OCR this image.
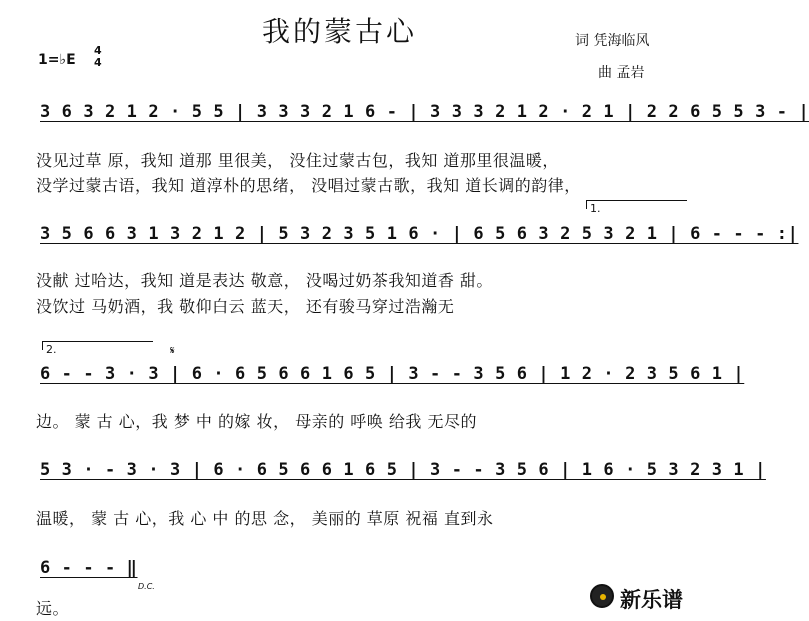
我的蒙古心	词 凭海临风
曲 孟岩
1=♭E
4
4
3 6 3 2 1 2 · 5 5 | 3 3 3 2 1 6 - | 3 3 3 2 1 2 · 2 1 | 2 2 6 5 5 3 - |
没见过草 原，我知 道那 里很美， 没住过蒙古包，我知 道那里很温暖，
没学过蒙古语，我知 道淳朴的思绪， 没唱过蒙古歌，我知 道长调的韵律，
1.
3 5 6 6 3 1 3 2 1 2 | 5 3 2 3 5 1 6 · | 6 5 6 3 2 5 3 2 1 | 6 - - - :|
没献 过哈达，我知 道是表达 敬意， 没喝过奶茶我知道香 甜。
没饮过 马奶酒，我 敬仰白云 蓝天， 还有骏马穿过浩瀚无
2.	𝄋
6 - - 3 · 3 | 6 · 6 5 6 6 1 6 5 | 3 - - 3 5 6 | 1 2 · 2 3 5 6 1 |
边。 蒙 古 心，我 梦 中 的嫁 妆， 母亲的 呼唤 给我 无尽的
5 3 · - 3 · 3 | 6 · 6 5 6 6 1 6 5 | 3 - - 3 5 6 | 1 6 · 5 3 2 3 1 |
温暖， 蒙 古 心，我 心 中 的思 念， 美丽的 草原 祝福 直到永
6 - - - ‖
D.C.
远。	新乐谱
